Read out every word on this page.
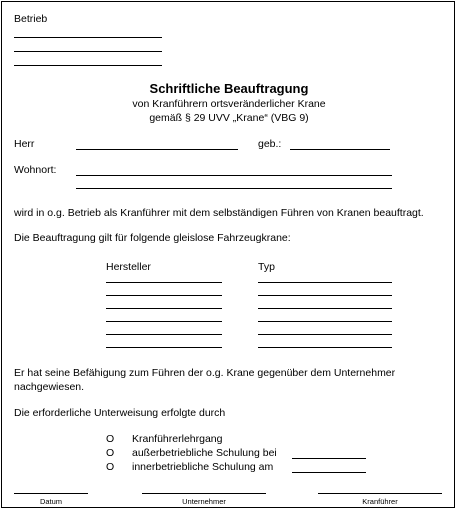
Betrieb
Schriftliche Beauftragung
von Kranführern ortsveränderlicher Krane
gemäß § 29 UVV „Krane“ (VBG 9)
Herr	geb.:
Wohnort:
wird in o.g. Betrieb als Kranführer mit dem selbständigen Führen von Kranen beauftragt.
Die Beauftragung gilt für folgende gleislose Fahrzeugkrane:
Hersteller	Typ
Er hat seine Befähigung zum Führen der o.g. Krane gegenüber dem Unternehmer
nachgewiesen.
Die erforderliche Unterweisung erfolgte durch
O Kranführerlehrgang
O außerbetriebliche Schulung bei
O innerbetriebliche Schulung am
Datum	Unternehmer	Kranführer
